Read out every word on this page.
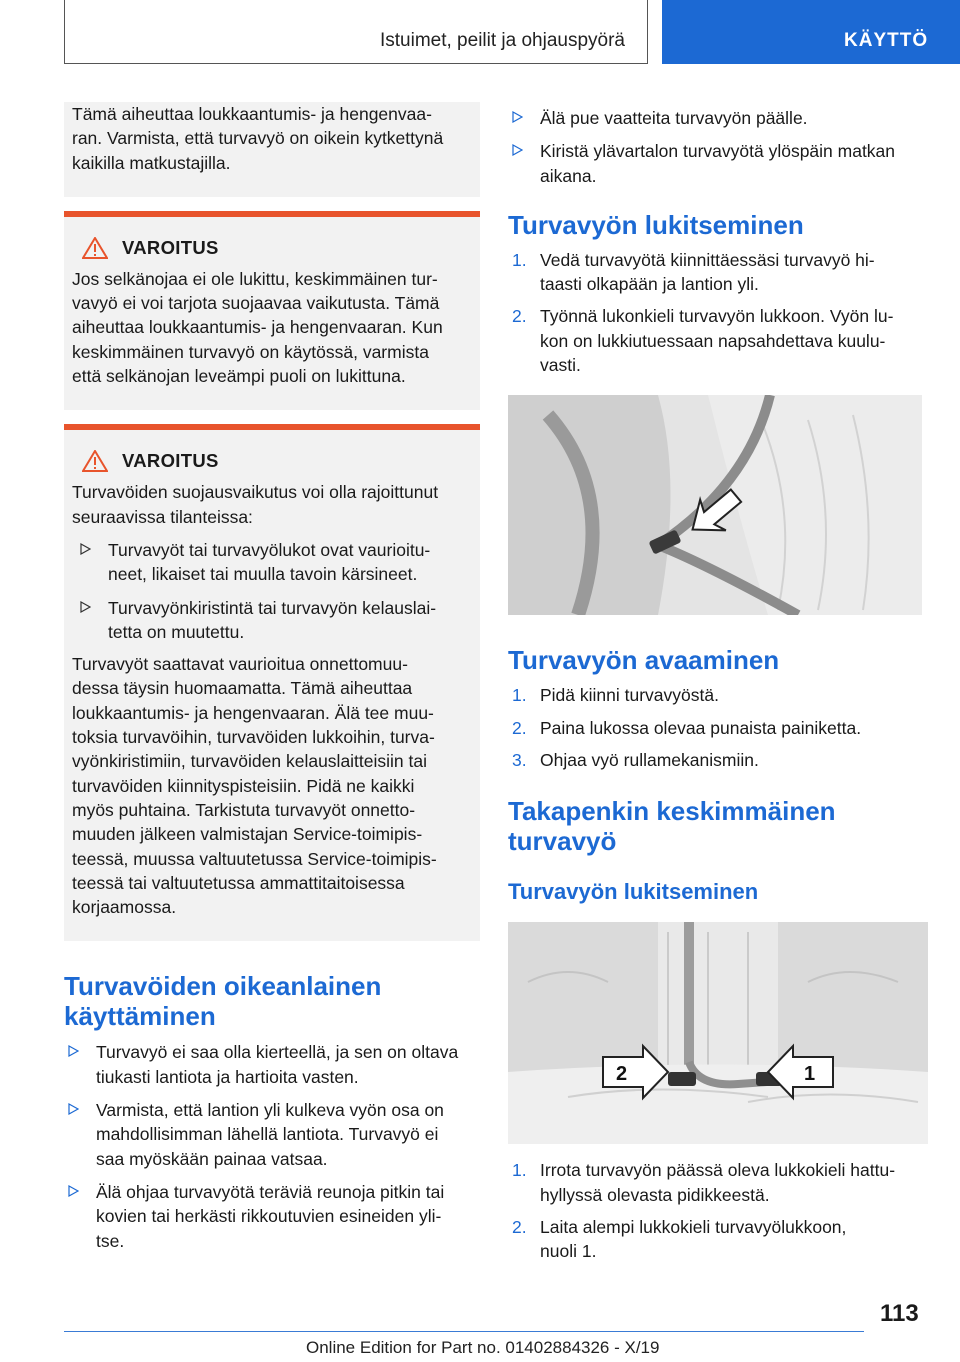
Istuimet, peilit ja ohjauspyörä	KÄYTTÖ

Tämä aiheuttaa loukkaantumis- ja hengenvaa-

ran. Varmista, että turvavyö on oikein kytkettynä

kaikilla matkustajilla.

VAROITUS

Jos selkänojaa ei ole lukittu, keskimmäinen tur-

vavyö ei voi tarjota suojaavaa vaikutusta. Tämä

aiheuttaa loukkaantumis- ja hengenvaaran. Kun

keskimmäinen turvavyö on käytössä, varmista

että selkänojan leveämpi puoli on lukittuna.

VAROITUS

Turvavöiden suojausvaikutus voi olla rajoittunut

seuraavissa tilanteissa:

Turvavyöt tai turvavyölukot ovat vaurioitu-

neet, likaiset tai muulla tavoin kärsineet.

Turvavyönkiristintä tai turvavyön kelauslai-

tetta on muutettu.

Turvavyöt saattavat vaurioitua onnettomuu-

dessa täysin huomaamatta. Tämä aiheuttaa

loukkaantumis- ja hengenvaaran. Älä tee muu-

toksia turvavöihin, turvavöiden lukkoihin, turva-

vyönkiristimiin, turvavöiden kelauslaitteisiin tai

turvavöiden kiinnityspisteisiin. Pidä ne kaikki

myös puhtaina. Tarkistuta turvavyöt onnetto-

muuden jälkeen valmistajan Service-toimipis-

teessä, muussa valtuutetussa Service-toimipis-

teessä tai valtuutetussa ammattitaitoisessa

korjaamossa.

Turvavöiden oikeanlainen
käyttäminen

Turvavyö ei saa olla kierteellä, ja sen on oltava

tiukasti lantiota ja hartioita vasten.

Varmista, että lantion yli kulkeva vyön osa on

mahdollisimman lähellä lantiota. Turvavyö ei

saa myöskään painaa vatsaa.

Älä ohjaa turvavyötä teräviä reunoja pitkin tai

kovien tai herkästi rikkoutuvien esineiden yli-

tse.

Älä pue vaatteita turvavyön päälle.

Kiristä ylävartalon turvavyötä ylöspäin matkan

aikana.

Turvavyön lukitseminen
1. Vedä turvavyötä kiinnittäessäsi turvavyö hi-

taasti olkapään ja lantion yli.

2. Työnnä lukonkieli turvavyön lukkoon. Vyön lu-

kon on lukkiutuessaan napsahdettava kuulu-

vasti.

Turvavyön avaaminen
1. Pidä kiinni turvavyöstä.

2. Paina lukossa olevaa punaista painiketta.

3. Ohjaa vyö rullamekanismiin.

Takapenkin keskimmäinen
turvavyö
Turvavyön lukitseminen
2	1
1. Irrota turvavyön päässä oleva lukkokieli hattu-

hyllyssä olevasta pidikkeestä.

2. Laita alempi lukkokieli turvavyölukkoon,

nuoli 1.

113
Online Edition for Part no. 01402884326 - X/19
